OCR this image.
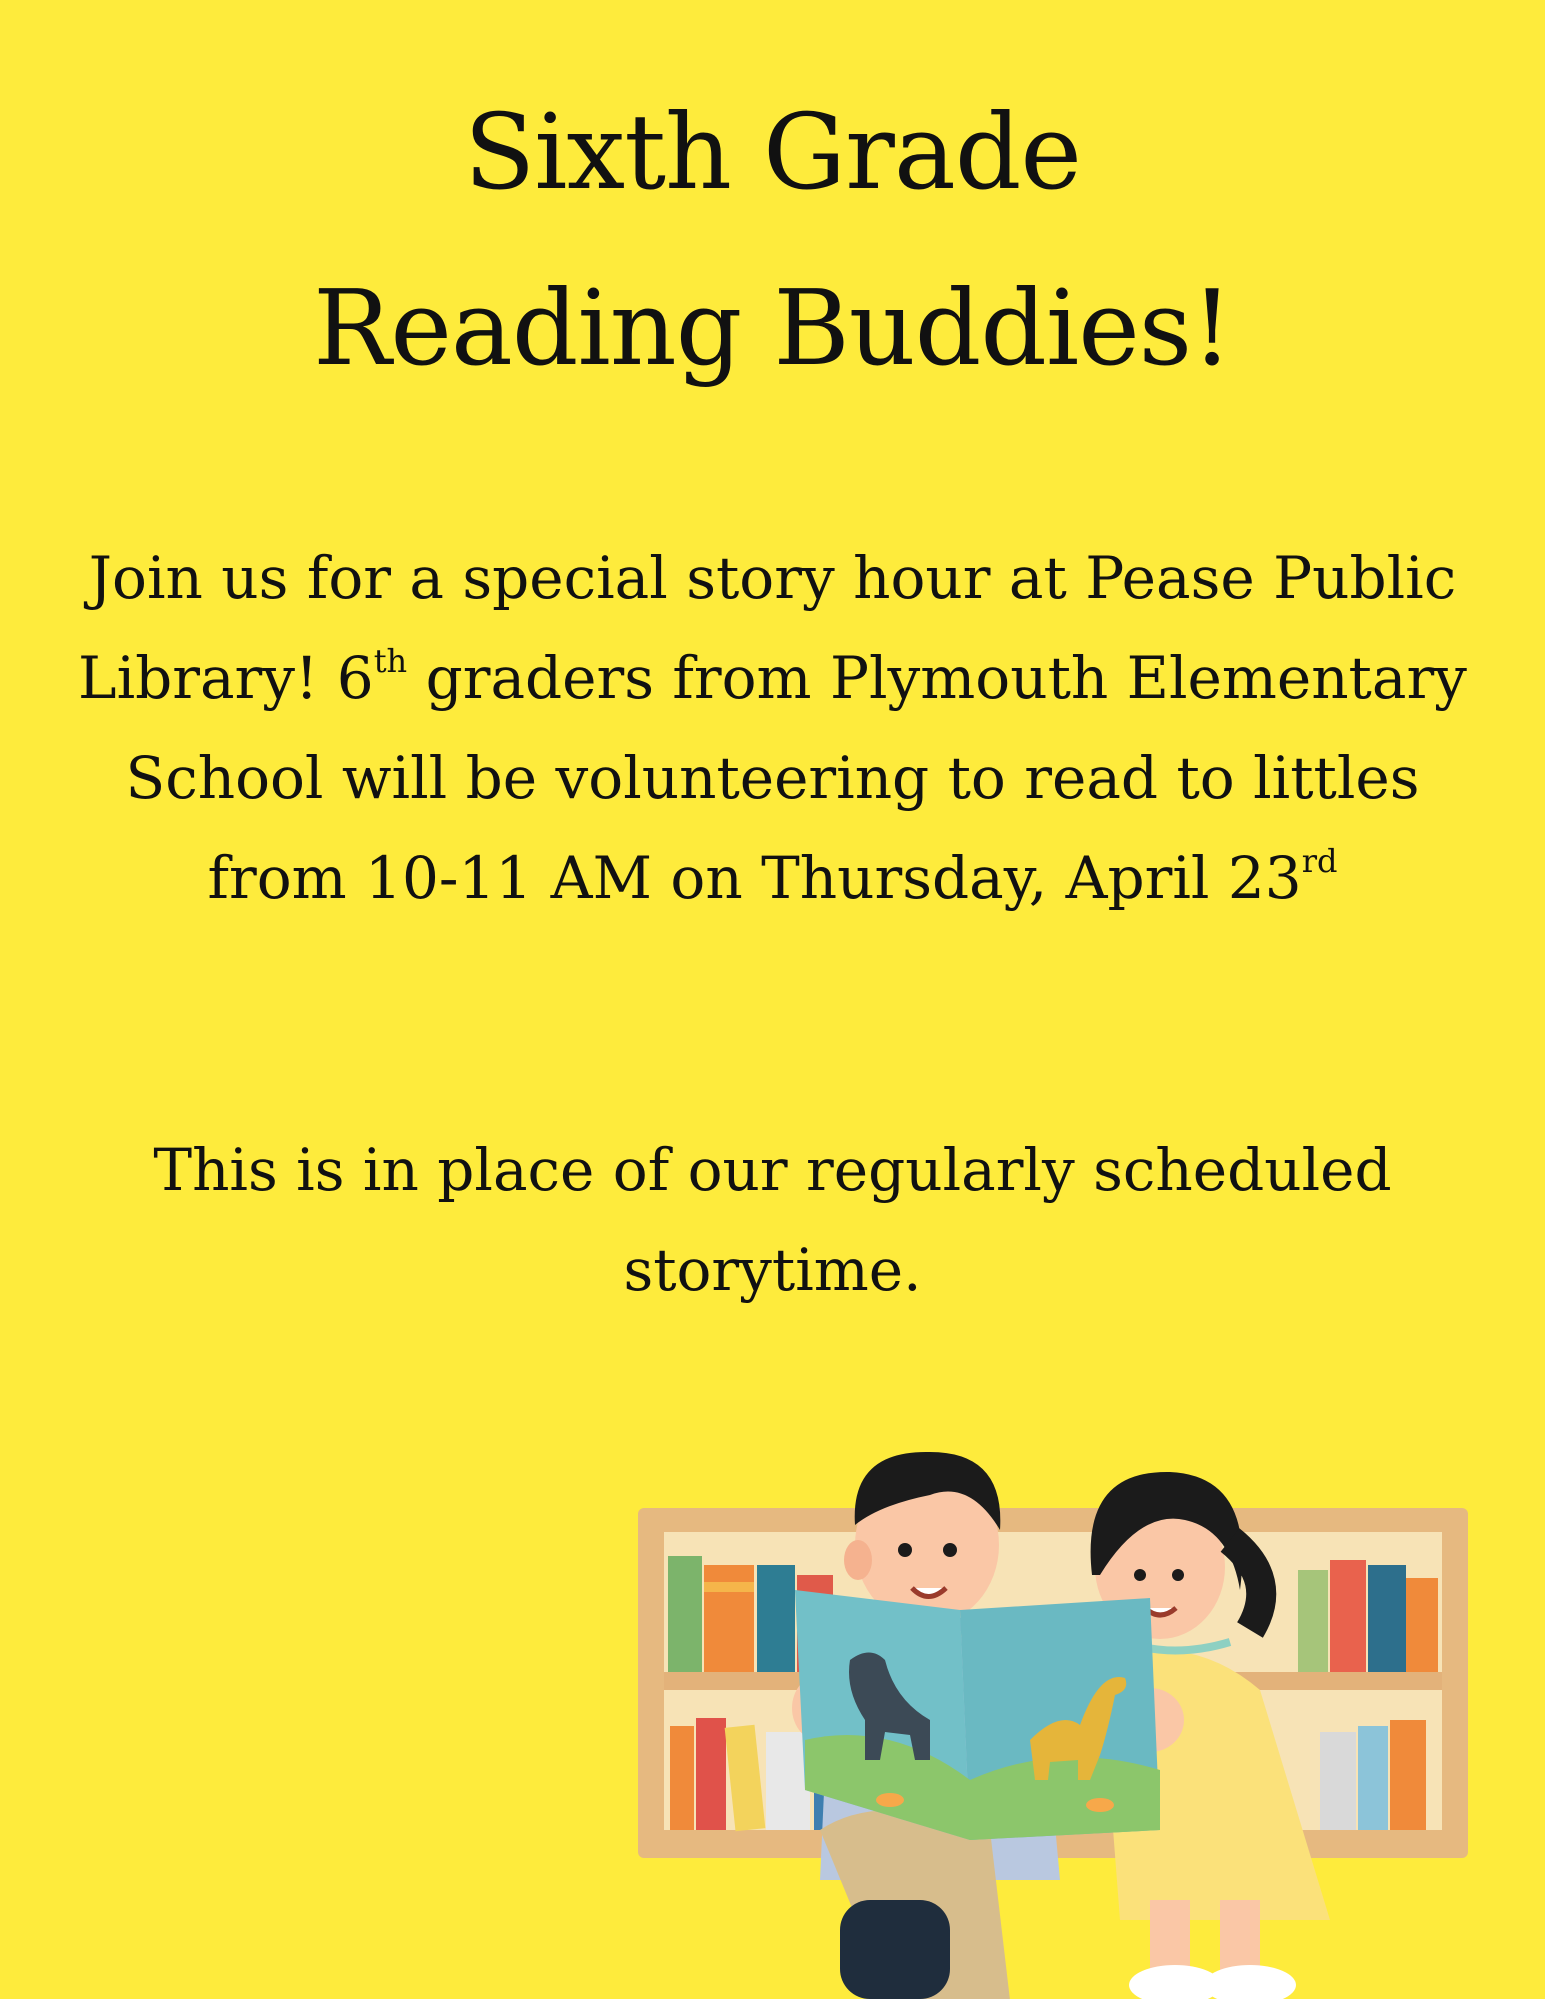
Sixth Grade
Reading Buddies!

Join us for a special story hour at Pease Public Library! 6th graders from Plymouth Elementary School will be volunteering to read to littles from 10-11 AM on Thursday, April 23rd

This is in place of our regularly scheduled storytime.
